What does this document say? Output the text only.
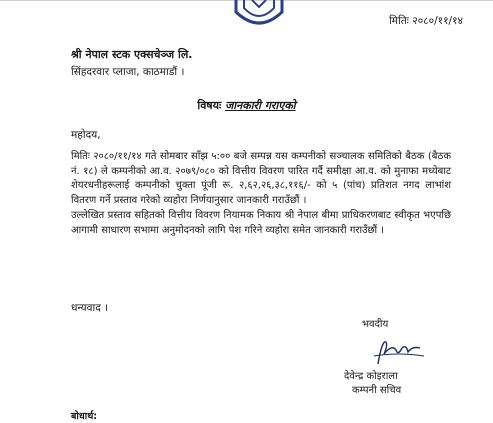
मितिः २०८०/११/१४
श्री नेपाल स्टक एक्सचेञ्ज लि.
सिंहदरवार प्लाजा, काठमाडौं ।
विषयः जानकारी गराएको
महोदय,

मितिः २०८०/११/१४ गते सोमबार साँझ ५:०० बजे सम्पन्न यस कम्पनीको सञ्चालक समितिको बैठक (बैठक नं. १८) ले कम्पनीको आ.व. २०७९/०८० को वित्तीय विवरण पारित गर्दै समीक्षा आ.व. को मुनाफा मध्येबाट शेयरधनीहरूलाई कम्पनीको चुक्ता पूंजी रू. २,६२,२६,३८,११६/- को ५ (पांच) प्रतिशत नगद लाभांश वितरण गर्ने प्रस्ताव गरेको व्यहोरा निर्णयानुसार जानकारी गराउँछौं ।

उल्लेखित प्रस्ताव सहितको वित्तीय विवरण नियामक निकाय श्री नेपाल बीमा प्राधिकरणबाट स्वीकृत भएपछि आगामी साधारण सभामा अनुमोदनको लागि पेश गरिने व्यहोरा समेत जानकारी गराउँछौं ।

धन्यवाद ।
भवदीय
देवेन्द्र कोइराला
कम्पनी सचिव
बोधार्थ:
